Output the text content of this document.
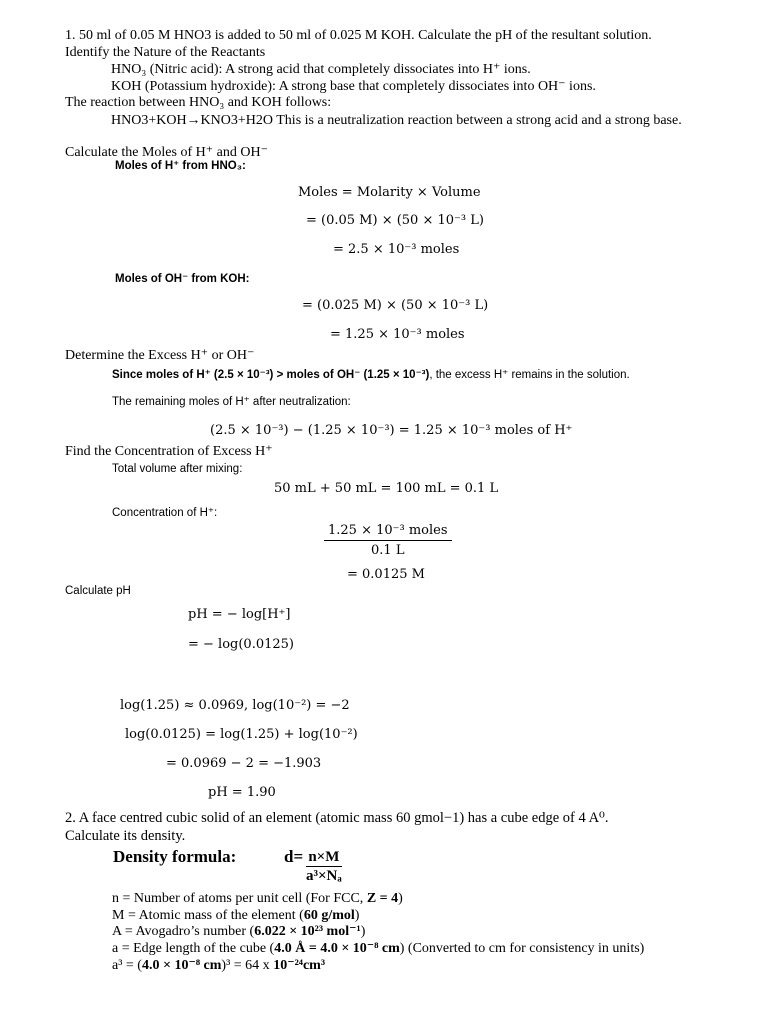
1. 50 ml of 0.05 M HNO3 is added to 50 ml of 0.025 M KOH. Calculate the pH of the resultant solution.
Identify the Nature of the Reactants
HNO₃ (Nitric acid): A strong acid that completely dissociates into H⁺ ions.
KOH (Potassium hydroxide): A strong base that completely dissociates into OH⁻ ions.
The reaction between HNO₃ and KOH follows:
HNO3+KOH→KNO3+H2O This is a neutralization reaction between a strong acid and a strong base.
Calculate the Moles of H⁺ and OH⁻
Moles of H⁺ from HNO₃:
Moles = Molarity × Volume
= (0.05 M) × (50 × 10⁻³ L)
= 2.5 × 10⁻³ moles
Moles of OH⁻ from KOH:
= (0.025 M) × (50 × 10⁻³ L)
= 1.25 × 10⁻³ moles
Determine the Excess H⁺ or OH⁻
Since moles of H⁺ (2.5 × 10⁻³) > moles of OH⁻ (1.25 × 10⁻³), the excess H⁺ remains in the solution.
The remaining moles of H⁺ after neutralization:
(2.5 × 10⁻³) − (1.25 × 10⁻³) = 1.25 × 10⁻³ moles of H⁺
Find the Concentration of Excess H⁺
Total volume after mixing:
50 mL + 50 mL = 100 mL = 0.1 L
Concentration of H⁺:
1.25 × 10⁻³ moles
0.1 L
= 0.0125 M
Calculate pH
pH = − log[H⁺]
= − log(0.0125)
log(1.25) ≈ 0.0969, log(10⁻²) = −2
log(0.0125) = log(1.25) + log(10⁻²)
= 0.0969 − 2 = −1.903
pH = 1.90
2. A face centred cubic solid of an element (atomic mass 60 gmol−1) has a cube edge of 4 A⁰.
Calculate its density.
Density formula:	$d= \frac{n\times M}{\text{a³×Nₐ}}$
n = Number of atoms per unit cell (For FCC, Z = 4)
M = Atomic mass of the element (60 g/mol)
A = Avogadro’s number (6.022 × 10²³ mol⁻¹)
a = Edge length of the cube (4.0 Å = 4.0 × 10⁻⁸ cm) (Converted to cm for consistency in units)
a³ = (4.0 × 10⁻⁸ cm)³ = 64 x 10⁻²⁴cm³
